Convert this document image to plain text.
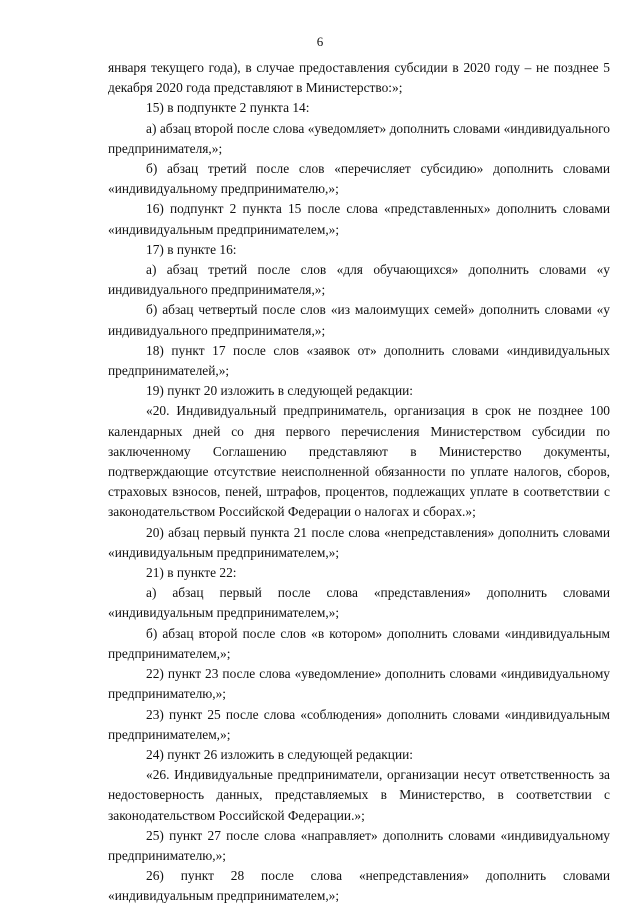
6

января текущего года), в случае предоставления субсидии в 2020 году – не позднее 5 декабря 2020 года представляют в Министерство:»;

15) в подпункте 2 пункта 14:

а) абзац второй после слова «уведомляет» дополнить словами «индивидуального предпринимателя,»;

б) абзац третий после слов «перечисляет субсидию» дополнить словами «индивидуальному предпринимателю,»;

16) подпункт 2 пункта 15 после слова «представленных» дополнить словами «индивидуальным предпринимателем,»;

17) в пункте 16:

а) абзац третий после слов «для обучающихся» дополнить словами «у индивидуального предпринимателя,»;

б) абзац четвертый после слов «из малоимущих семей» дополнить словами «у индивидуального предпринимателя,»;

18) пункт 17 после слов «заявок от» дополнить словами «индивидуальных предпринимателей,»;

19) пункт 20 изложить в следующей редакции:

«20. Индивидуальный предприниматель, организация в срок не позднее 100 календарных дней со дня первого перечисления Министерством субсидии по заключенному Соглашению представляют в Министерство документы, подтверждающие отсутствие неисполненной обязанности по уплате налогов, сборов, страховых взносов, пеней, штрафов, процентов, подлежащих уплате в соответствии с законодательством Российской Федерации о налогах и сборах.»;

20) абзац первый пункта 21 после слова «непредставления» дополнить словами «индивидуальным предпринимателем,»;

21) в пункте 22:

а) абзац первый после слова «представления» дополнить словами «индивидуальным предпринимателем,»;

б) абзац второй после слов «в котором» дополнить словами «индивидуальным предпринимателем,»;

22) пункт 23 после слова «уведомление» дополнить словами «индивидуальному предпринимателю,»;

23) пункт 25 после слова «соблюдения» дополнить словами «индивидуальным предпринимателем,»;

24) пункт 26 изложить в следующей редакции:

«26. Индивидуальные предприниматели, организации несут ответственность за недостоверность данных, представляемых в Министерство, в соответствии с законодательством Российской Федерации.»;

25) пункт 27 после слова «направляет» дополнить словами «индивидуальному предпринимателю,»;

26) пункт 28 после слова «непредставления» дополнить словами «индивидуальным предпринимателем,»;
